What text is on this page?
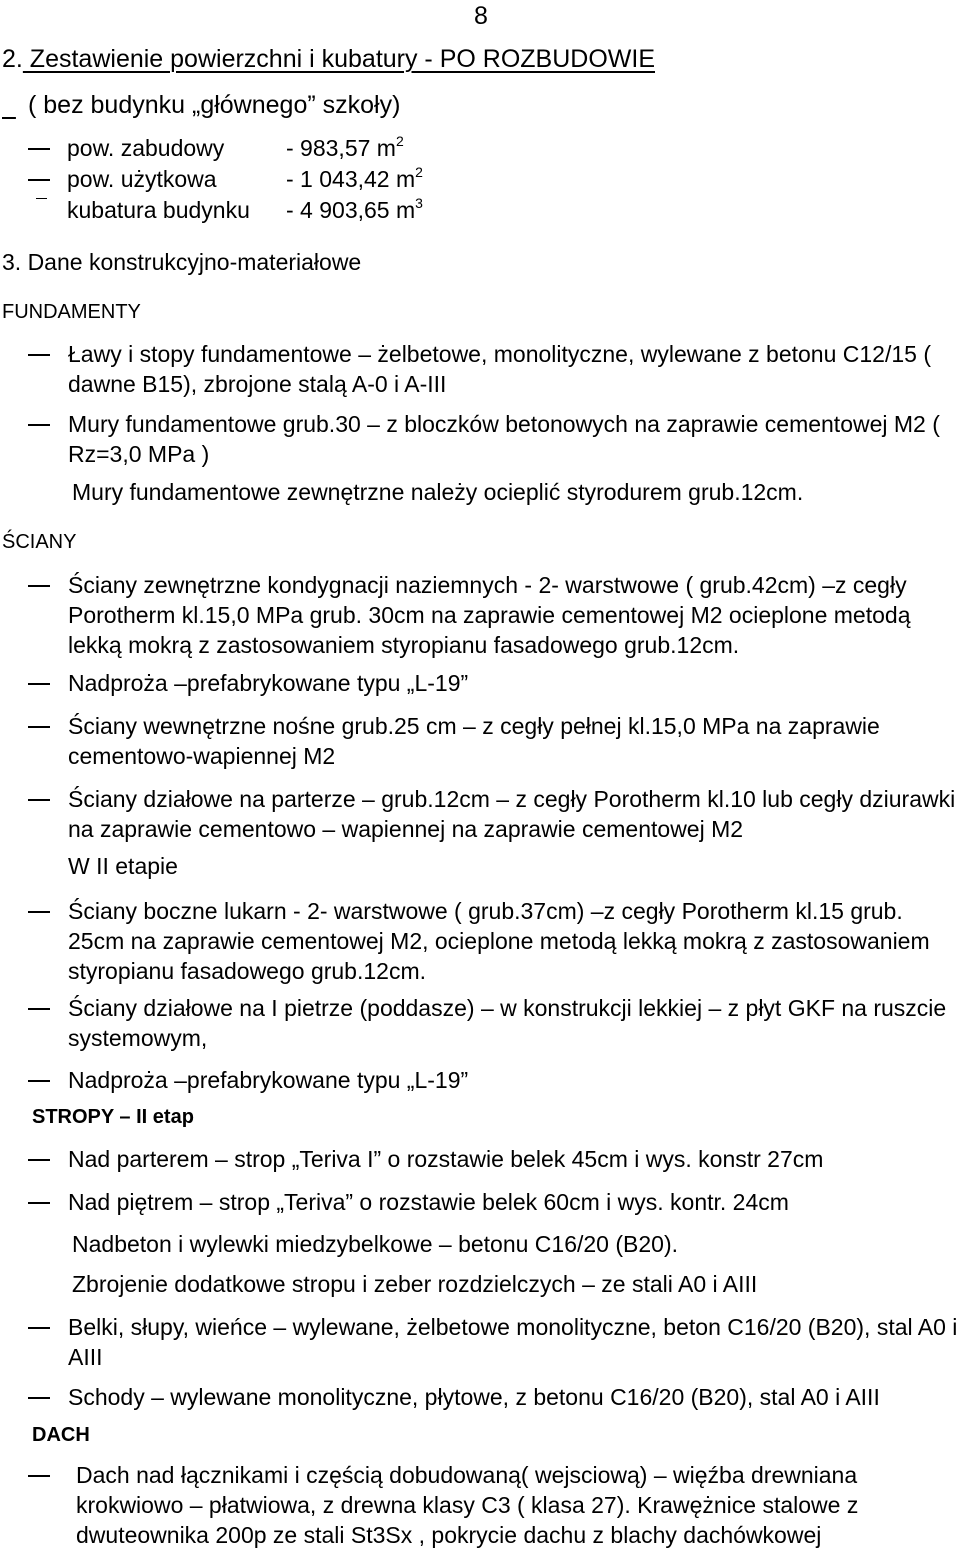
8
2. Zestawienie powierzchni i kubatury - PO ROZBUDOWIE
( bez budynku „głównego” szkoły)
pow. zabudowy	- 983,57 $m^2$
pow. użytkowa	- 1 043,42 $m^2$
kubatura budynku - 4 903,65 $m^3$
3. Dane konstrukcyjno-materiałowe
FUNDAMENTY
Ławy i stopy fundamentowe – żelbetowe, monolityczne, wylewane z betonu C12/15 ( dawne B15), zbrojone stalą A-0 i A-III
Mury fundamentowe grub.30 – z bloczków betonowych na zaprawie cementowej M2 ( Rz=3,0 MPa )
Mury fundamentowe zewnętrzne należy ocieplić styrodurem grub.12cm.
ŚCIANY
Ściany zewnętrzne kondygnacji naziemnych - 2- warstwowe ( grub.42cm) –z cegły Porotherm kl.15,0 MPa grub. 30cm na zaprawie cementowej M2 ocieplone metodą lekką mokrą z zastosowaniem styropianu fasadowego grub.12cm.
Nadproża –prefabrykowane typu „L-19”
Ściany wewnętrzne nośne grub.25 cm – z cegły pełnej kl.15,0 MPa na zaprawie cementowo-wapiennej M2
Ściany działowe na parterze – grub.12cm – z cegły Porotherm kl.10 lub cegły dziurawki na zaprawie cementowo – wapiennej na zaprawie cementowej M2
W II etapie
Ściany boczne lukarn - 2- warstwowe ( grub.37cm) –z cegły Porotherm kl.15 grub. 25cm na zaprawie cementowej M2, ocieplone metodą lekką mokrą z zastosowaniem styropianu fasadowego grub.12cm.
Ściany działowe na I pietrze (poddasze) – w konstrukcji lekkiej – z płyt GKF na ruszcie systemowym,
Nadproża –prefabrykowane typu „L-19”
STROPY – II etap
Nad parterem – strop „Teriva I” o rozstawie belek 45cm i wys. konstr 27cm
Nad piętrem – strop „Teriva” o rozstawie belek 60cm i wys. kontr. 24cm
Nadbeton i wylewki miedzybelkowe – betonu C16/20 (B20).
Zbrojenie dodatkowe stropu i zeber rozdzielczych – ze stali A0 i AIII
Belki, słupy, wieńce – wylewane, żelbetowe monolityczne, beton C16/20 (B20), stal A0 i AIII
Schody – wylewane monolityczne, płytowe, z betonu C16/20 (B20), stal A0 i AIII
DACH
Dach nad łącznikami i częścią dobudowaną( wejsciową) – więźba drewniana krokwiowo – płatwiowa, z drewna klasy C3 ( klasa 27). Krawężnice stalowe z dwuteownika 200p ze stali St3Sx , pokrycie dachu z blachy dachówkowej
